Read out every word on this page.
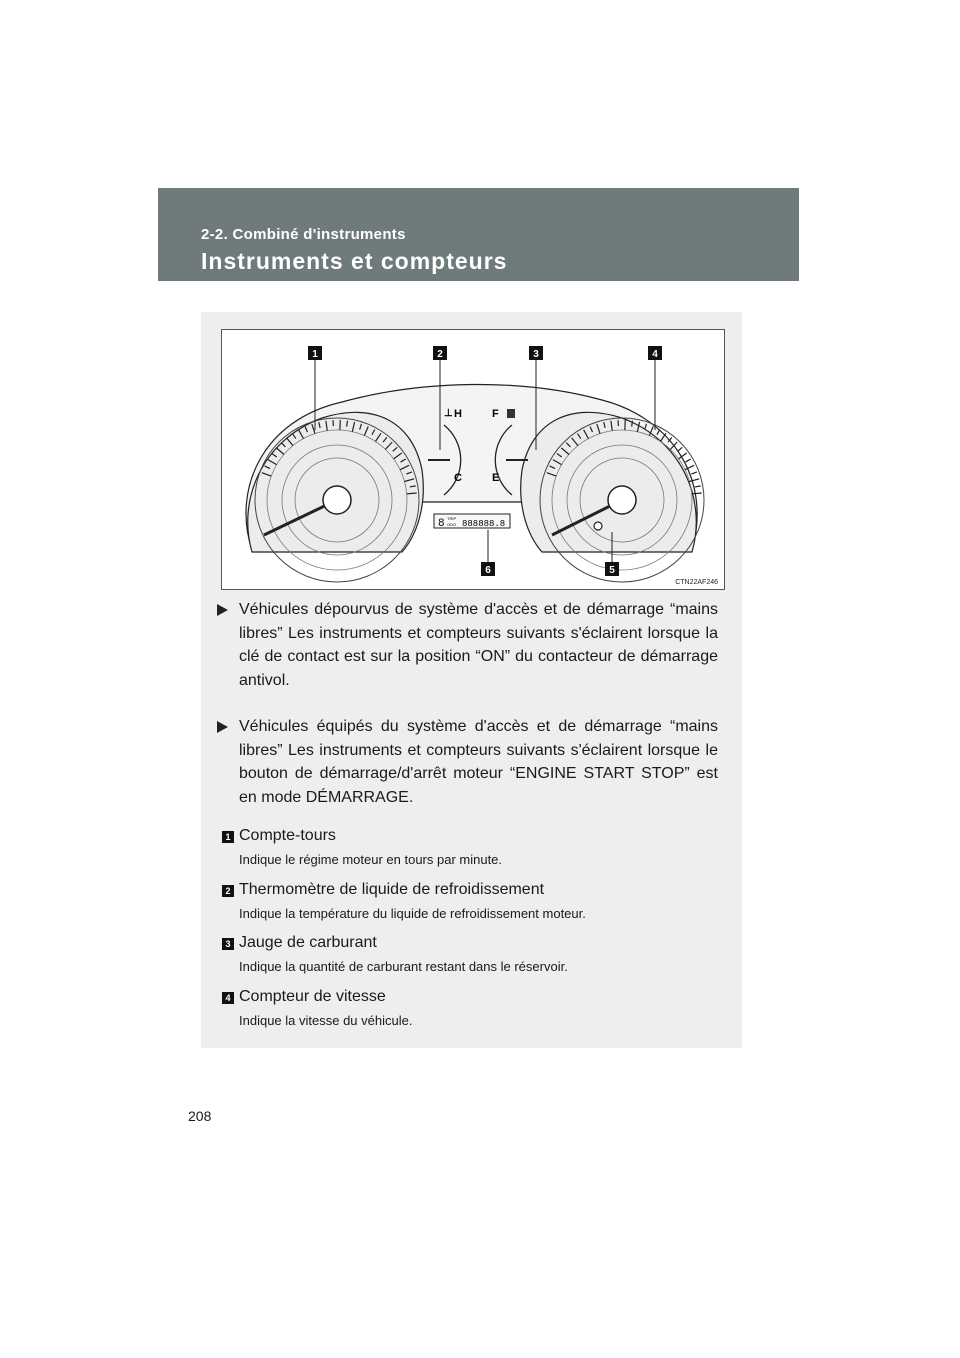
2-2. Combiné d'instruments
Instruments et compteurs
⊥ H
C
F
E
8 TRIP
ODO 888888.8
1	2	3	4
5
6
CTN22AF246
Véhicules dépourvus de système d'accès et de démarrage “mains libres” Les instruments et compteurs suivants s'éclairent lorsque la clé de contact est sur la position “ON” du contacteur de démarrage antivol.
Véhicules équipés du système d'accès et de démarrage “mains libres” Les instruments et compteurs suivants s'éclairent lorsque le bouton de démarrage/d'arrêt moteur “ENGINE START STOP” est en mode DÉMARRAGE.
1 Compte-tours
Indique le régime moteur en tours par minute.
2 Thermomètre de liquide de refroidissement
Indique la température du liquide de refroidissement moteur.
3 Jauge de carburant
Indique la quantité de carburant restant dans le réservoir.
4 Compteur de vitesse
Indique la vitesse du véhicule.
208
